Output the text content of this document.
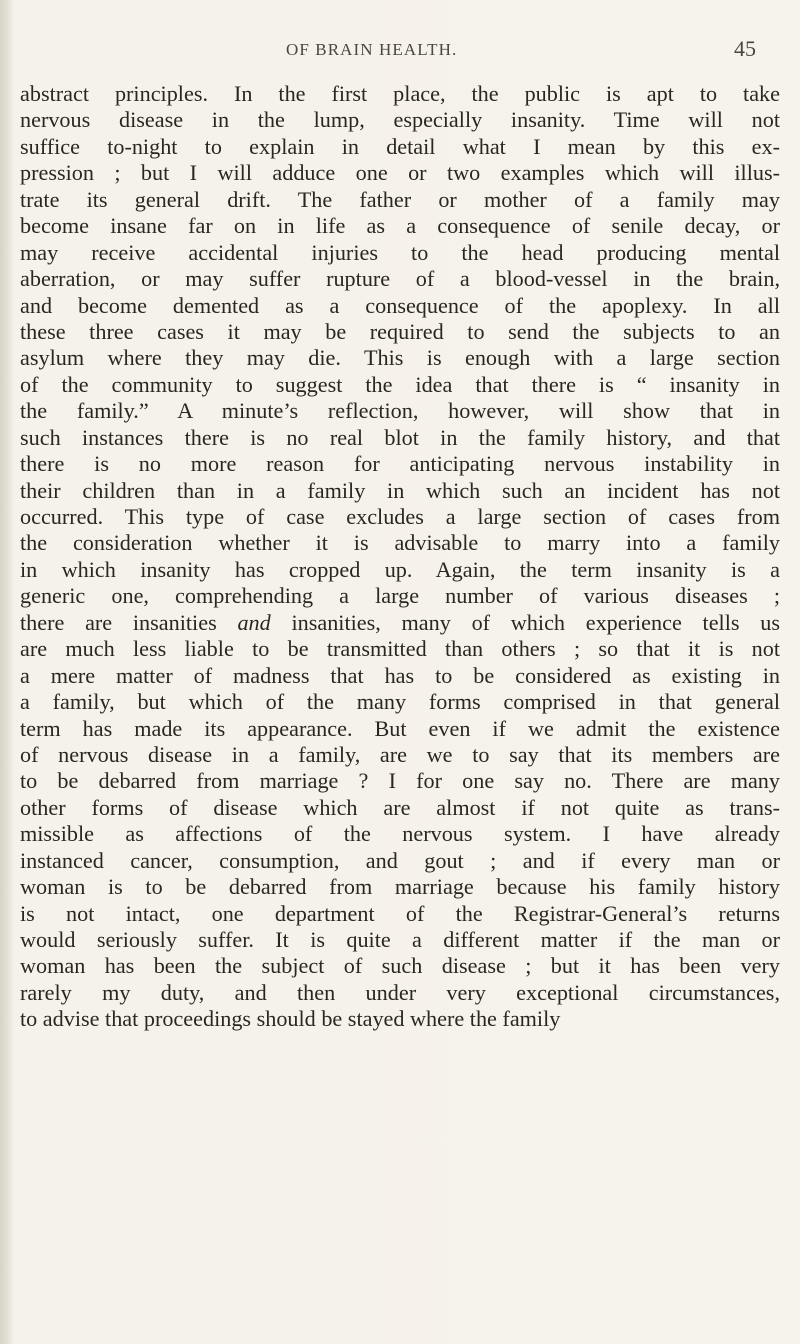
OF BRAIN HEALTH.	45
abstract principles. In the first place, the public is apt to take
nervous disease in the lump, especially insanity. Time will not
suffice to-night to explain in detail what I mean by this ex-
pression ; but I will adduce one or two examples which will illus-
trate its general drift. The father or mother of a family may
become insane far on in life as a consequence of senile decay, or
may receive accidental injuries to the head producing mental
aberration, or may suffer rupture of a blood-vessel in the brain,
and become demented as a consequence of the apoplexy. In all
these three cases it may be required to send the subjects to an
asylum where they may die. This is enough with a large section
of the community to suggest the idea that there is “ insanity in
the family.” A minute’s reflection, however, will show that in
such instances there is no real blot in the family history, and that
there is no more reason for anticipating nervous instability in
their children than in a family in which such an incident has not
occurred. This type of case excludes a large section of cases from
the consideration whether it is advisable to marry into a family
in which insanity has cropped up. Again, the term insanity is a
generic one, comprehending a large number of various diseases ;
there are insanities and insanities, many of which experience tells us
are much less liable to be transmitted than others ; so that it is not
a mere matter of madness that has to be considered as existing in
a family, but which of the many forms comprised in that general
term has made its appearance. But even if we admit the existence
of nervous disease in a family, are we to say that its members are
to be debarred from marriage ? I for one say no. There are many
other forms of disease which are almost if not quite as trans-
missible as affections of the nervous system. I have already
instanced cancer, consumption, and gout ; and if every man or
woman is to be debarred from marriage because his family history
is not intact, one department of the Registrar-General’s returns
would seriously suffer. It is quite a different matter if the man or
woman has been the subject of such disease ; but it has been very
rarely my duty, and then under very exceptional circumstances,
to advise that proceedings should be stayed where the family
